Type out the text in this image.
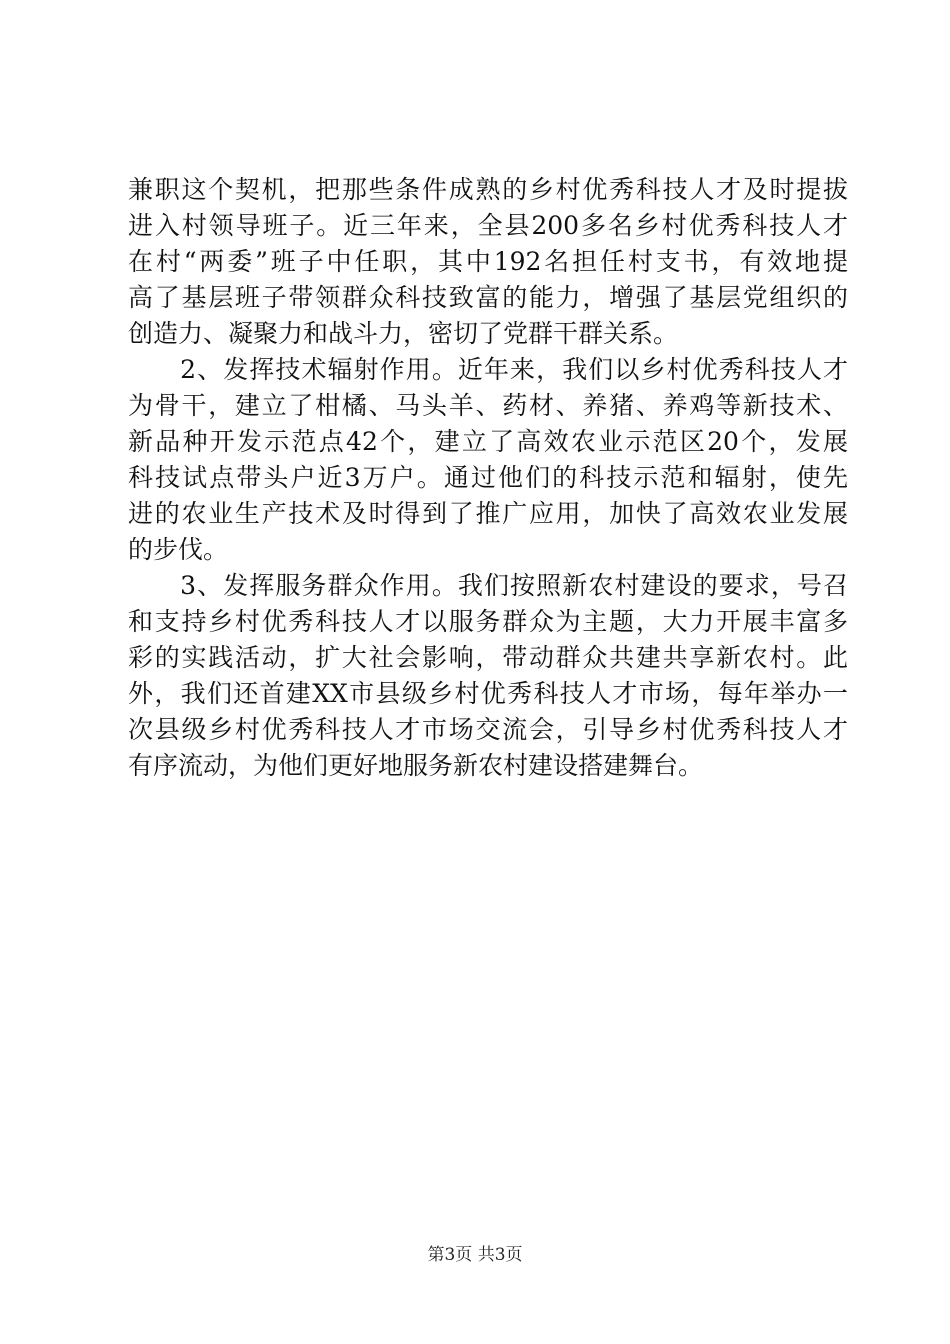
兼职这个契机，把那些条件成熟的乡村优秀科技人才及时提拔
进入村领导班子。近三年来，全县200多名乡村优秀科技人才
在村“两委”班子中任职，其中192名担任村支书，有效地提
高了基层班子带领群众科技致富的能力，增强了基层党组织的
创造力、凝聚力和战斗力，密切了党群干群关系。
　　2、发挥技术辐射作用。近年来，我们以乡村优秀科技人才
为骨干，建立了柑橘、马头羊、药材、养猪、养鸡等新技术、
新品种开发示范点42个，建立了高效农业示范区20个，发展
科技试点带头户近3万户。通过他们的科技示范和辐射，使先
进的农业生产技术及时得到了推广应用，加快了高效农业发展
的步伐。
　　3、发挥服务群众作用。我们按照新农村建设的要求，号召
和支持乡村优秀科技人才以服务群众为主题，大力开展丰富多
彩的实践活动，扩大社会影响，带动群众共建共享新农村。此
外，我们还首建XX市县级乡村优秀科技人才市场，每年举办一
次县级乡村优秀科技人才市场交流会，引导乡村优秀科技人才
有序流动，为他们更好地服务新农村建设搭建舞台。
第3页 共3页
